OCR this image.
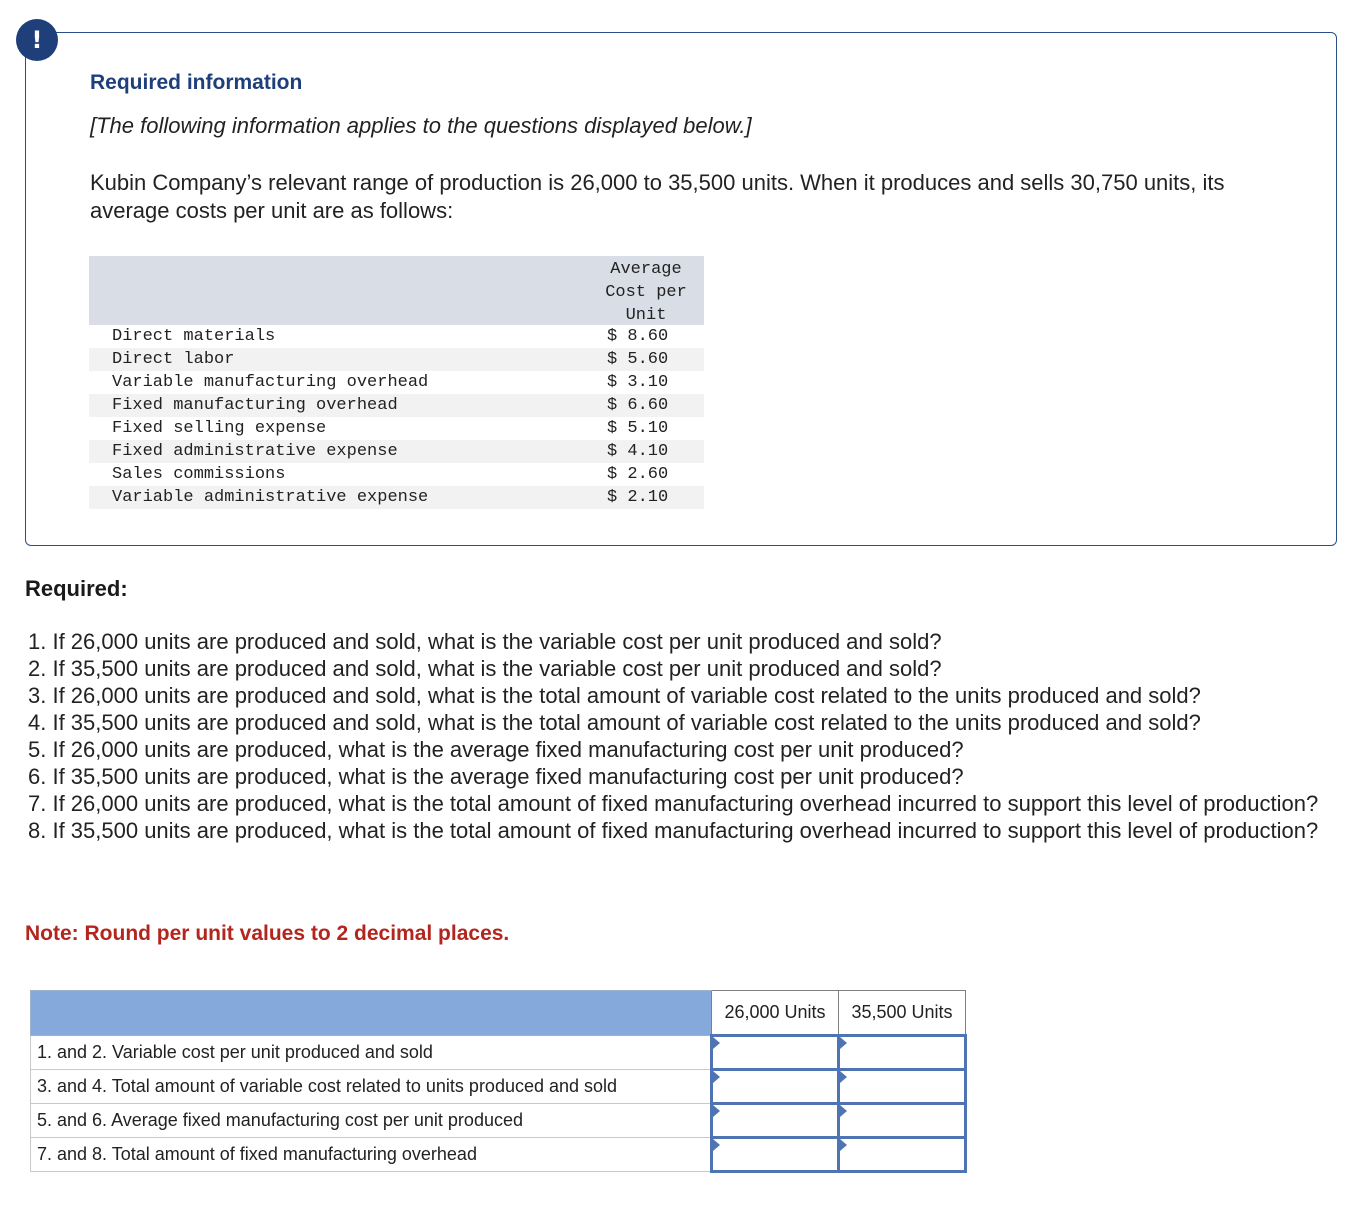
!
Required information
[The following information applies to the questions displayed below.]
Kubin Company’s relevant range of production is 26,000 to 35,500 units. When it produces and sells 30,750 units, its average costs per unit are as follows:
Average
Cost per
Unit
Direct materials	$ 8.60
Direct labor	$ 5.60
Variable manufacturing overhead	$ 3.10
Fixed manufacturing overhead	$ 6.60
Fixed selling expense	$ 5.10
Fixed administrative expense	$ 4.10
Sales commissions	$ 2.60
Variable administrative expense	$ 2.10
Required:
1. If 26,000 units are produced and sold, what is the variable cost per unit produced and sold?
2. If 35,500 units are produced and sold, what is the variable cost per unit produced and sold?
3. If 26,000 units are produced and sold, what is the total amount of variable cost related to the units produced and sold?
4. If 35,500 units are produced and sold, what is the total amount of variable cost related to the units produced and sold?
5. If 26,000 units are produced, what is the average fixed manufacturing cost per unit produced?
6. If 35,500 units are produced, what is the average fixed manufacturing cost per unit produced?
7. If 26,000 units are produced, what is the total amount of fixed manufacturing overhead incurred to support this level of production?
8. If 35,500 units are produced, what is the total amount of fixed manufacturing overhead incurred to support this level of production?
Note: Round per unit values to 2 decimal places.
	26,000 Units	35,500 Units
1. and 2. Variable cost per unit produced and sold		
3. and 4. Total amount of variable cost related to units produced and sold		
5. and 6. Average fixed manufacturing cost per unit produced		
7. and 8. Total amount of fixed manufacturing overhead		
